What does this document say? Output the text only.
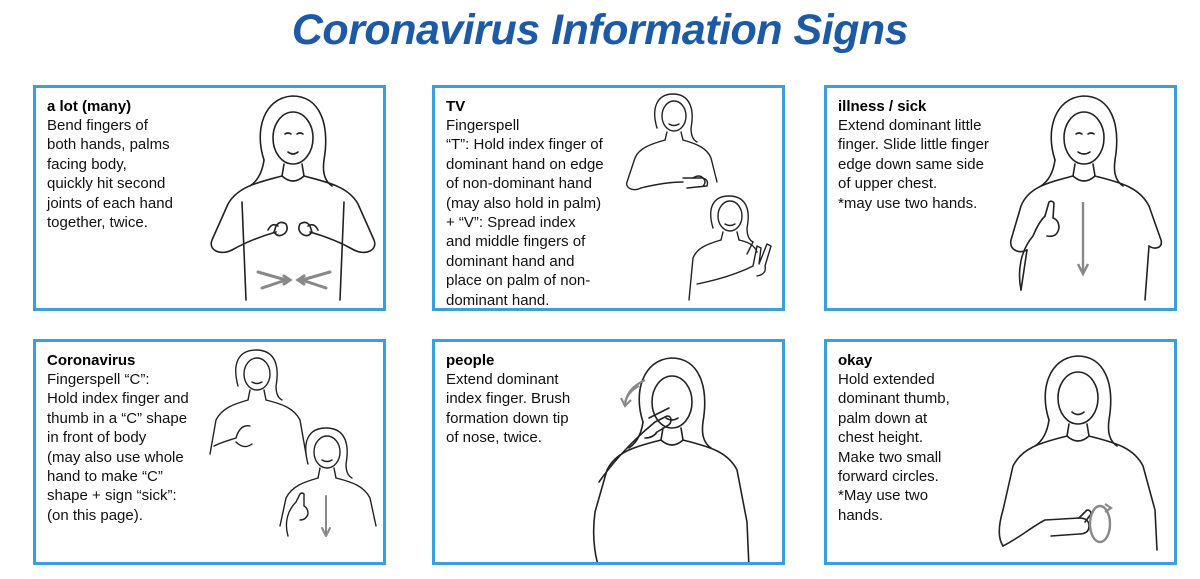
Coronavirus Information Signs
a lot (many)
Bend fingers of
both hands, palms
facing body,
quickly hit second
joints of each hand
together, twice.
TV
Fingerspell
“T”: Hold index finger of
dominant hand on edge
of non-dominant hand
(may also hold in palm)
+ “V”: Spread index
and middle fingers of
dominant hand and
place on palm of non-
dominant hand.
illness / sick
Extend dominant little
finger. Slide little finger
edge down same side
of upper chest.
*may use two hands.
Coronavirus
Fingerspell “C”:
Hold index finger and
thumb in a “C” shape
in front of body
(may also use whole
hand to make “C”
shape + sign “sick”:
(on this page).
people
Extend dominant
index finger. Brush
formation down tip
of nose, twice.
okay
Hold extended
dominant thumb,
palm down at
chest height.
Make two small
forward circles.
*May use two
hands.
